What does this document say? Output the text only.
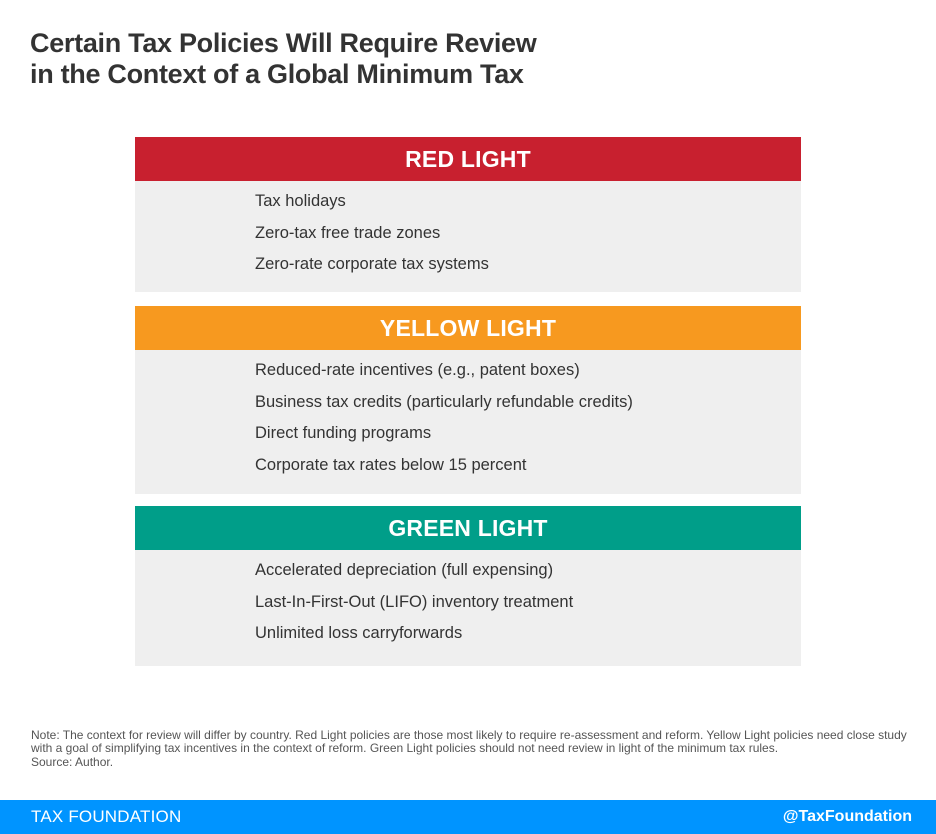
Certain Tax Policies Will Require Review
in the Context of a Global Minimum Tax
RED LIGHT
Tax holidays
Zero-tax free trade zones
Zero-rate corporate tax systems
YELLOW LIGHT
Reduced-rate incentives (e.g., patent boxes)
Business tax credits (particularly refundable credits)
Direct funding programs
Corporate tax rates below 15 percent
GREEN LIGHT
Accelerated depreciation (full expensing)
Last-In-First-Out (LIFO) inventory treatment
Unlimited loss carryforwards

Note: The context for review will differ by country. Red Light policies are those most likely to require re-assessment and reform. Yellow Light policies need close study with a goal of simplifying tax incentives in the context of reform. Green Light policies should not need review in light of the minimum tax rules.

Source: Author.

TAX FOUNDATION	@TaxFoundation
